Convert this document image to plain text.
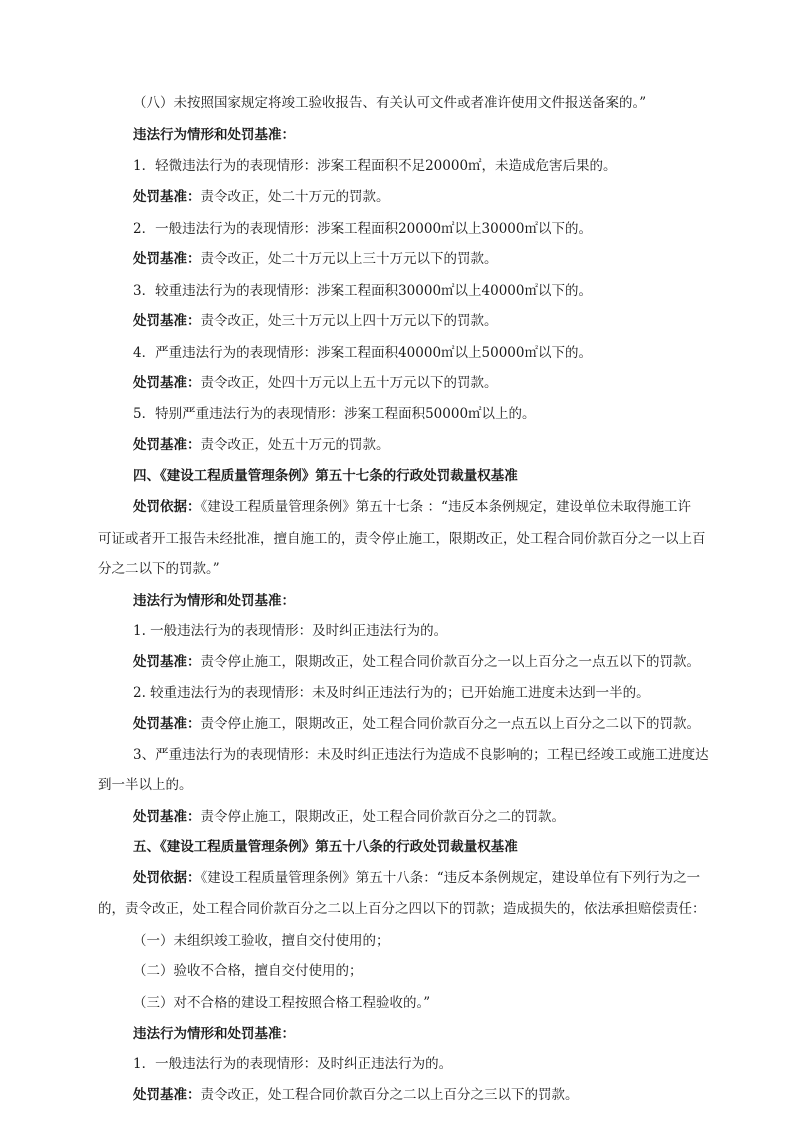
（八）未按照国家规定将竣工验收报告、有关认可文件或者准许使用文件报送备案的。”
违法行为情形和处罚基准：
1．轻微违法行为的表现情形：涉案工程面积不足20000㎡，未造成危害后果的。
处罚基准：责令改正，处二十万元的罚款。
2．一般违法行为的表现情形：涉案工程面积20000㎡以上30000㎡以下的。
处罚基准：责令改正，处二十万元以上三十万元以下的罚款。
3．较重违法行为的表现情形：涉案工程面积30000㎡以上40000㎡以下的。
处罚基准：责令改正，处三十万元以上四十万元以下的罚款。
4．严重违法行为的表现情形：涉案工程面积40000㎡以上50000㎡以下的。
处罚基准：责令改正，处四十万元以上五十万元以下的罚款。
5．特别严重违法行为的表现情形：涉案工程面积50000㎡以上的。
处罚基准：责令改正，处五十万元的罚款。
四、《建设工程质量管理条例》第五十七条的行政处罚裁量权基准
处罚依据：《建设工程质量管理条例》第五十七条 ：“违反本条例规定，建设单位未取得施工许
可证或者开工报告未经批准，擅自施工的，责令停止施工，限期改正，处工程合同价款百分之一以上百
分之二以下的罚款。”
违法行为情形和处罚基准：
1. 一般违法行为的表现情形：及时纠正违法行为的。
处罚基准：责令停止施工，限期改正，处工程合同价款百分之一以上百分之一点五以下的罚款。
2. 较重违法行为的表现情形：未及时纠正违法行为的；已开始施工进度未达到一半的。
处罚基准：责令停止施工，限期改正，处工程合同价款百分之一点五以上百分之二以下的罚款。
3、严重违法行为的表现情形：未及时纠正违法行为造成不良影响的；工程已经竣工或施工进度达
到一半以上的。
处罚基准：责令停止施工，限期改正，处工程合同价款百分之二的罚款。
五、《建设工程质量管理条例》第五十八条的行政处罚裁量权基准
处罚依据：《建设工程质量管理条例》第五十八条：“违反本条例规定，建设单位有下列行为之一
的，责令改正，处工程合同价款百分之二以上百分之四以下的罚款；造成损失的，依法承担赔偿责任：
（一）未组织竣工验收，擅自交付使用的；
（二）验收不合格，擅自交付使用的；
（三）对不合格的建设工程按照合格工程验收的。”
违法行为情形和处罚基准：
1．一般违法行为的表现情形：及时纠正违法行为的。
处罚基准：责令改正，处工程合同价款百分之二以上百分之三以下的罚款。
